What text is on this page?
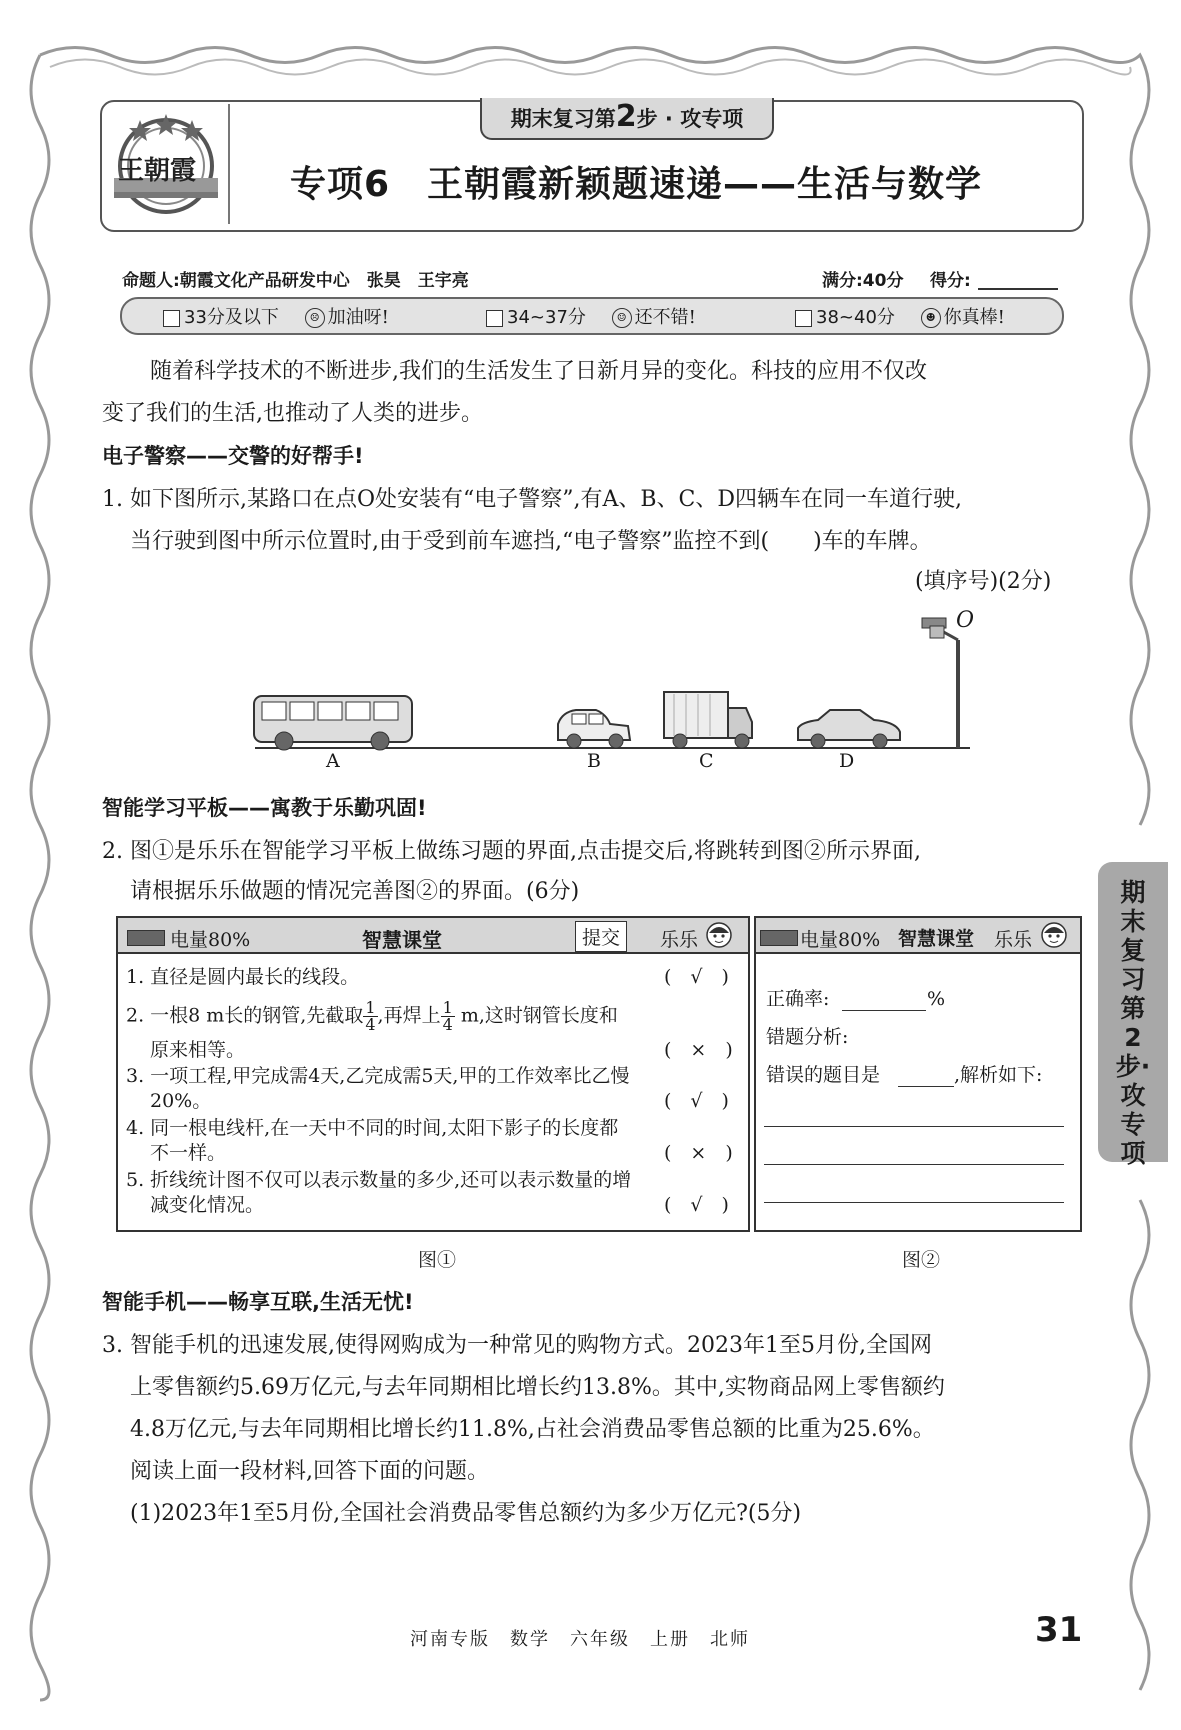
王朝霞
期末复习第2步 · 攻专项
专项6　王朝霞新颖题速递——生活与数学
命题人:朝霞文化产品研发中心　张昊　王宇亮	满分:40分 得分:
33分及以下	☹ 加油呀!	34~37分	☺ 还不错!	38~40分	☻ 你真棒!
随着科学技术的不断进步,我们的生活发生了日新月异的变化。科技的应用不仅改
变了我们的生活,也推动了人类的进步。
电子警察——交警的好帮手!
1. 如下图所示,某路口在点O处安装有“电子警察”,有A、B、C、D四辆车在同一车道行驶,
当行驶到图中所示位置时,由于受到前车遮挡,“电子警察”监控不到(　　)车的车牌。
(填序号)(2分)
O
A	B	C	D
智能学习平板——寓教于乐勤巩固!
2. 图①是乐乐在智能学习平板上做练习题的界面,点击提交后,将跳转到图②所示界面,
请根据乐乐做题的情况完善图②的界面。(6分)
电量80%	智慧课堂	提交	乐乐
1. 直径是圆内最长的线段。	(　√　)
2. 一根8 m长的钢管,先截取 $\frac{1}{4}$ ,再焊上 $\frac{1}{4} m$,这时钢管长度和
原来相等。	(　×　)
3. 一项工程,甲完成需4天,乙完成需5天,甲的工作效率比乙慢
20%。	(　√　)
4. 同一根电线杆,在一天中不同的时间,太阳下影子的长度都
不一样。	(　×　)
5. 折线统计图不仅可以表示数量的多少,还可以表示数量的增
减变化情况。	(　√　)
图①
电量80% 智慧课堂 乐乐
正确率:	%
错题分析:
错误的题目是	,解析如下:
图②
智能手机——畅享互联,生活无忧!
3. 智能手机的迅速发展,使得网购成为一种常见的购物方式。2023年1至5月份,全国网
上零售额约5.69万亿元,与去年同期相比增长约13.8%。其中,实物商品网上零售额约
4.8万亿元,与去年同期相比增长约11.8%,占社会消费品零售总额的比重为25.6%。
阅读上面一段材料,回答下面的问题。
(1)2023年1至5月份,全国社会消费品零售总额约为多少万亿元?(5分)
期末复习第2步·攻专项
河南专版　数学　六年级　上册　北师	31
